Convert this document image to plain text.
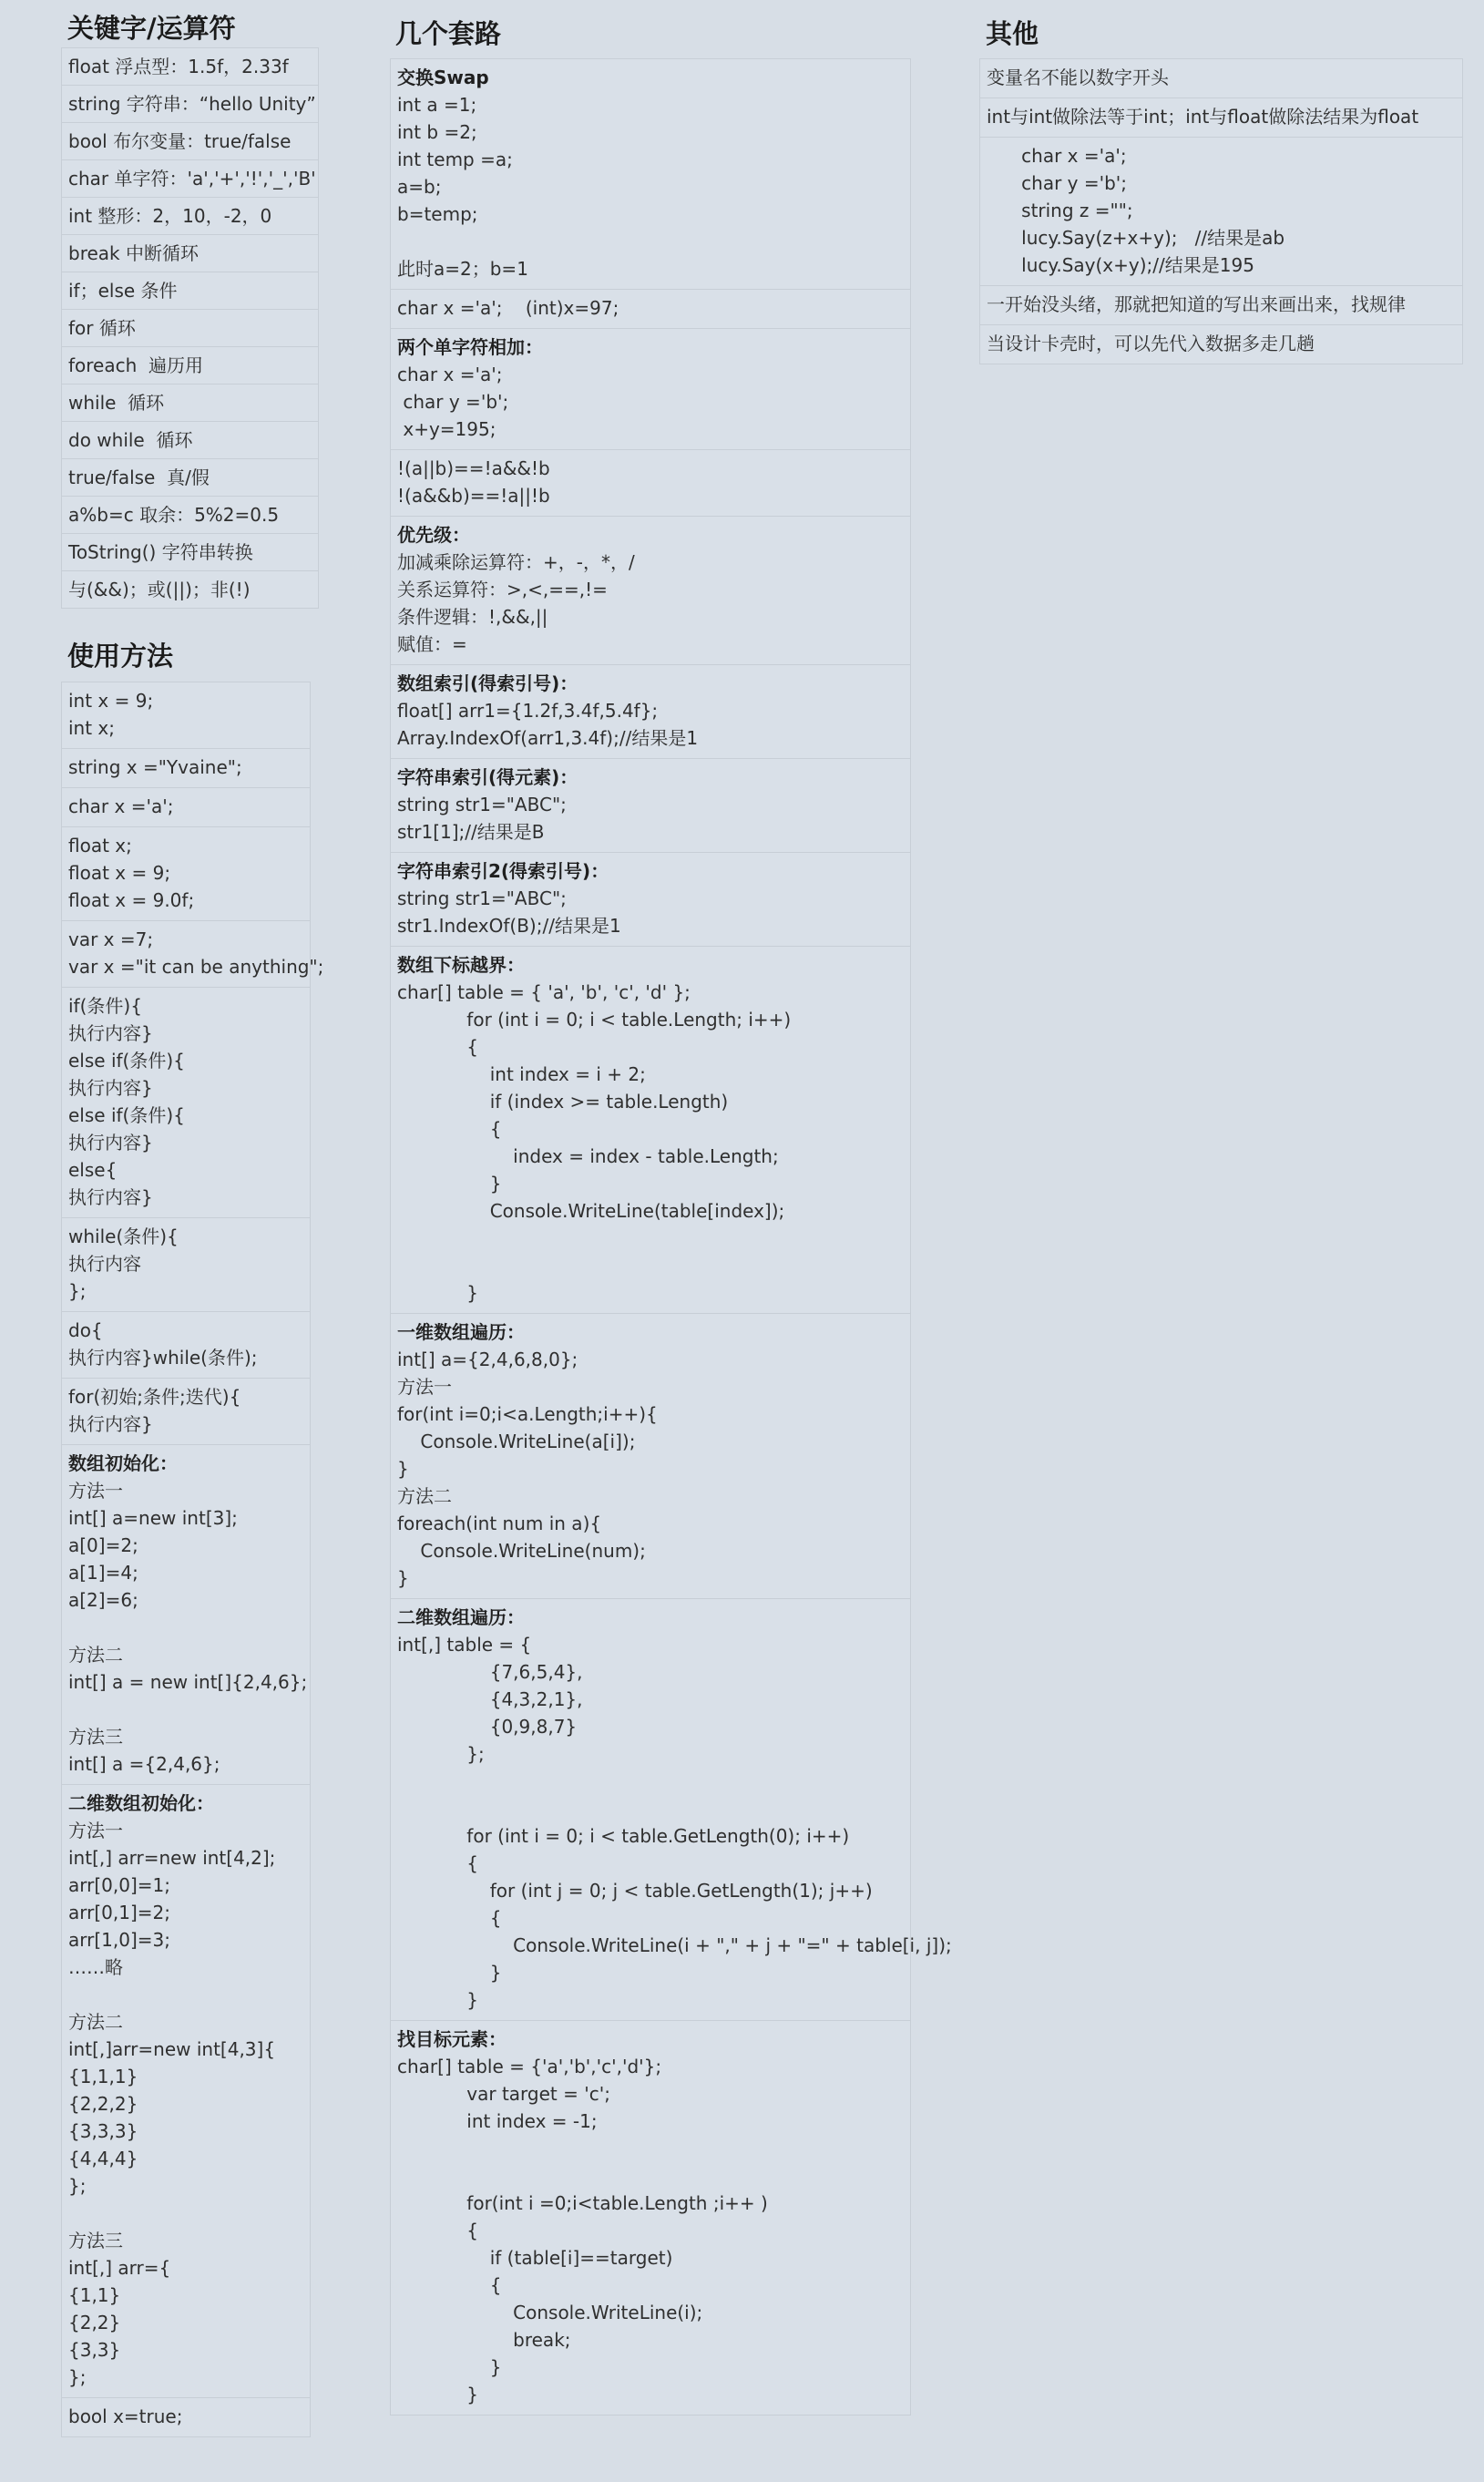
关键字/运算符
float 浮点型：1.5f，2.33f
string 字符串：“hello Unity”
bool 布尔变量：true/false
char 单字符：'a','+','!','_','B'
int 整形：2，10，-2，0
break 中断循环
if；else 条件
for 循环
foreach  遍历用
while  循环
do while  循环
true/false  真/假
a%b=c 取余：5%2=0.5
ToString() 字符串转换
与(&&)；或(||)；非(!)
使用方法
int x = 9;
int x;
string x ="Yvaine";
char x ='a';
float x;
float x = 9;
float x = 9.0f;
var x =7;
var x ="it can be anything";
if(条件){
执行内容}
else if(条件){
执行内容}
else if(条件){
执行内容}
else{
执行内容}
while(条件){
执行内容
};
do{
执行内容}while(条件);
for(初始;条件;迭代){
执行内容}
数组初始化：
方法一
int[] a=new int[3];
a[0]=2;
a[1]=4;
a[2]=6;
方法二
int[] a = new int[]{2,4,6};
方法三
int[] a ={2,4,6};
二维数组初始化：
方法一
int[,] arr=new int[4,2];
arr[0,0]=1;
arr[0,1]=2;
arr[1,0]=3;
……略
方法二
int[,]arr=new int[4,3]{
{1,1,1}
{2,2,2}
{3,3,3}
{4,4,4}
};
方法三
int[,] arr={
{1,1}
{2,2}
{3,3}
};
bool x=true;
几个套路
交换Swap
int a =1;
int b =2;
int temp =a;
a=b;
b=temp;
此时a=2；b=1
char x ='a';    (int)x=97;
两个单字符相加：
char x ='a';
char y ='b';
x+y=195;
!(a||b)==!a&&!b
!(a&&b)==!a||!b
优先级：
加减乘除运算符：+，-，*，/
关系运算符：>,<,==,!=
条件逻辑：!,&&,||
赋值：=
数组索引(得索引号)：
float[] arr1={1.2f,3.4f,5.4f};
Array.IndexOf(arr1,3.4f);//结果是1
字符串索引(得元素)：
string str1="ABC";
str1[1];//结果是B
字符串索引2(得索引号)：
string str1="ABC";
str1.IndexOf(B);//结果是1
数组下标越界：
char[] table = { 'a', 'b', 'c', 'd' };
for (int i = 0; i < table.Length; i++)
{
int index = i + 2;
if (index >= table.Length)
{
index = index - table.Length;
}
Console.WriteLine(table[index]);
}
一维数组遍历：
int[] a={2,4,6,8,0};
方法一
for(int i=0;i<a.Length;i++){
Console.WriteLine(a[i]);
}
方法二
foreach(int num in a){
Console.WriteLine(num);
}
二维数组遍历：
int[,] table = {
{7,6,5,4},
{4,3,2,1},
{0,9,8,7}
};
for (int i = 0; i < table.GetLength(0); i++)
{
for (int j = 0; j < table.GetLength(1); j++)
{
Console.WriteLine(i + "," + j + "=" + table[i, j]);
}
}
找目标元素：
char[] table = {'a','b','c','d'};
var target = 'c';
int index = -1;
for(int i =0;i<table.Length ;i++ )
{
if (table[i]==target)
{
Console.WriteLine(i);
break;
}
}
其他
变量名不能以数字开头
int与int做除法等于int；int与float做除法结果为float
char x ='a';
char y ='b';
string z ="";
lucy.Say(z+x+y);   //结果是ab
lucy.Say(x+y);//结果是195
一开始没头绪，那就把知道的写出来画出来，找规律
当设计卡壳时，可以先代入数据多走几趟
